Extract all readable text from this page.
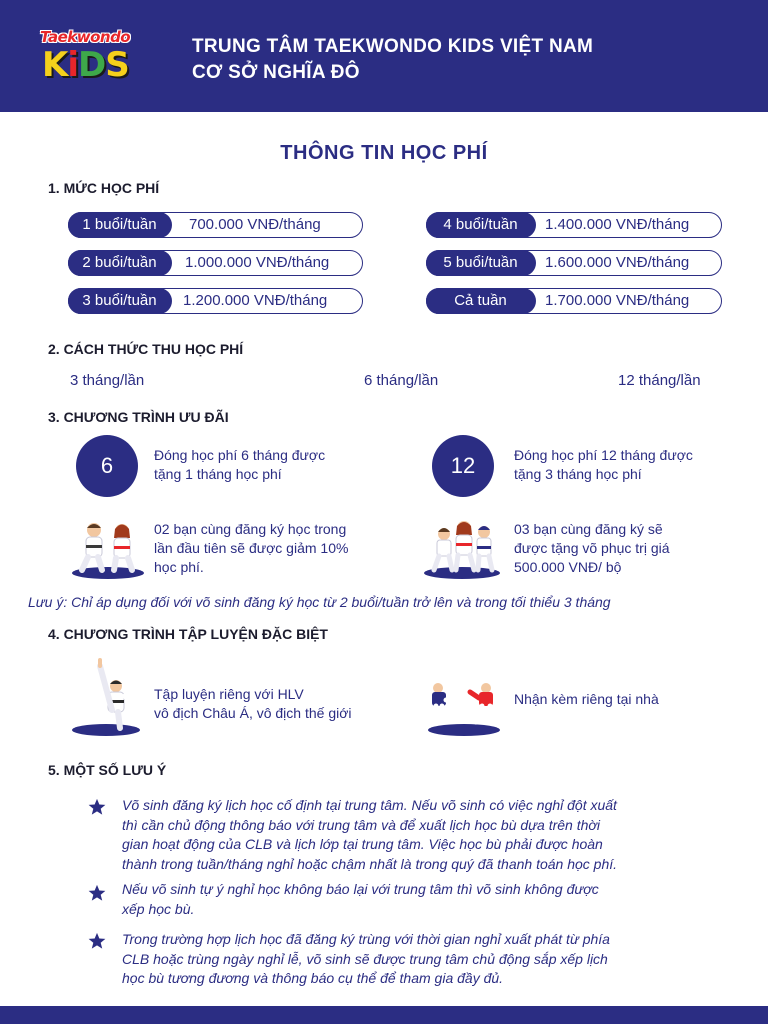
Taekwondo
KiDS	TRUNG TÂM TAEKWONDO KIDS VIỆT NAM
CƠ SỞ NGHĨA ĐÔ
THÔNG TIN HỌC PHÍ
1. MỨC HỌC PHÍ
1 buổi/tuần	700.000 VNĐ/tháng
2 buổi/tuần	1.000.000 VNĐ/tháng
3 buổi/tuần	1.200.000 VNĐ/tháng
4 buổi/tuần	1.400.000 VNĐ/tháng
5 buổi/tuần	1.600.000 VNĐ/tháng
Cả tuần	1.700.000 VNĐ/tháng
2. CÁCH THỨC THU HỌC PHÍ
3 tháng/lần	6 tháng/lần	12 tháng/lần
3. CHƯƠNG TRÌNH ƯU ĐÃI
6	Đóng học phí 6 tháng được
tặng 1 tháng học phí	12	Đóng học phí 12 tháng được
tặng 3 tháng học phí
02 bạn cùng đăng ký học trong
lần đầu tiên sẽ được giảm 10%
học phí.
03 bạn cùng đăng ký sẽ
được tặng võ phục trị giá
500.000 VNĐ/ bộ
Lưu ý: Chỉ áp dụng đối với võ sinh đăng ký học từ 2 buổi/tuần trở lên và trong tối thiểu 3 tháng
4. CHƯƠNG TRÌNH TẬP LUYỆN ĐẶC BIỆT
Tập luyện riêng với HLV
vô địch Châu Á, vô địch thế giới
Nhận kèm riêng tại nhà
5. MỘT SỐ LƯU Ý
Võ sinh đăng ký lịch học cố định tại trung tâm. Nếu võ sinh có việc nghỉ đột xuất
thì cần chủ động thông báo với trung tâm và để xuất lịch học bù dựa trên thời
gian hoạt động của CLB và lịch lớp tại trung tâm. Việc học bù phải được hoàn
thành trong tuần/tháng nghỉ hoặc chậm nhất là trong quý đã thanh toán học phí.
Nếu võ sinh tự ý nghỉ học không báo lại với trung tâm thì võ sinh không được
xếp học bù.
Trong trường hợp lịch học đã đăng ký trùng với thời gian nghỉ xuất phát từ phía
CLB hoặc trùng ngày nghỉ lễ, võ sinh sẽ được trung tâm chủ động sắp xếp lịch
học bù tương đương và thông báo cụ thể để tham gia đầy đủ.
